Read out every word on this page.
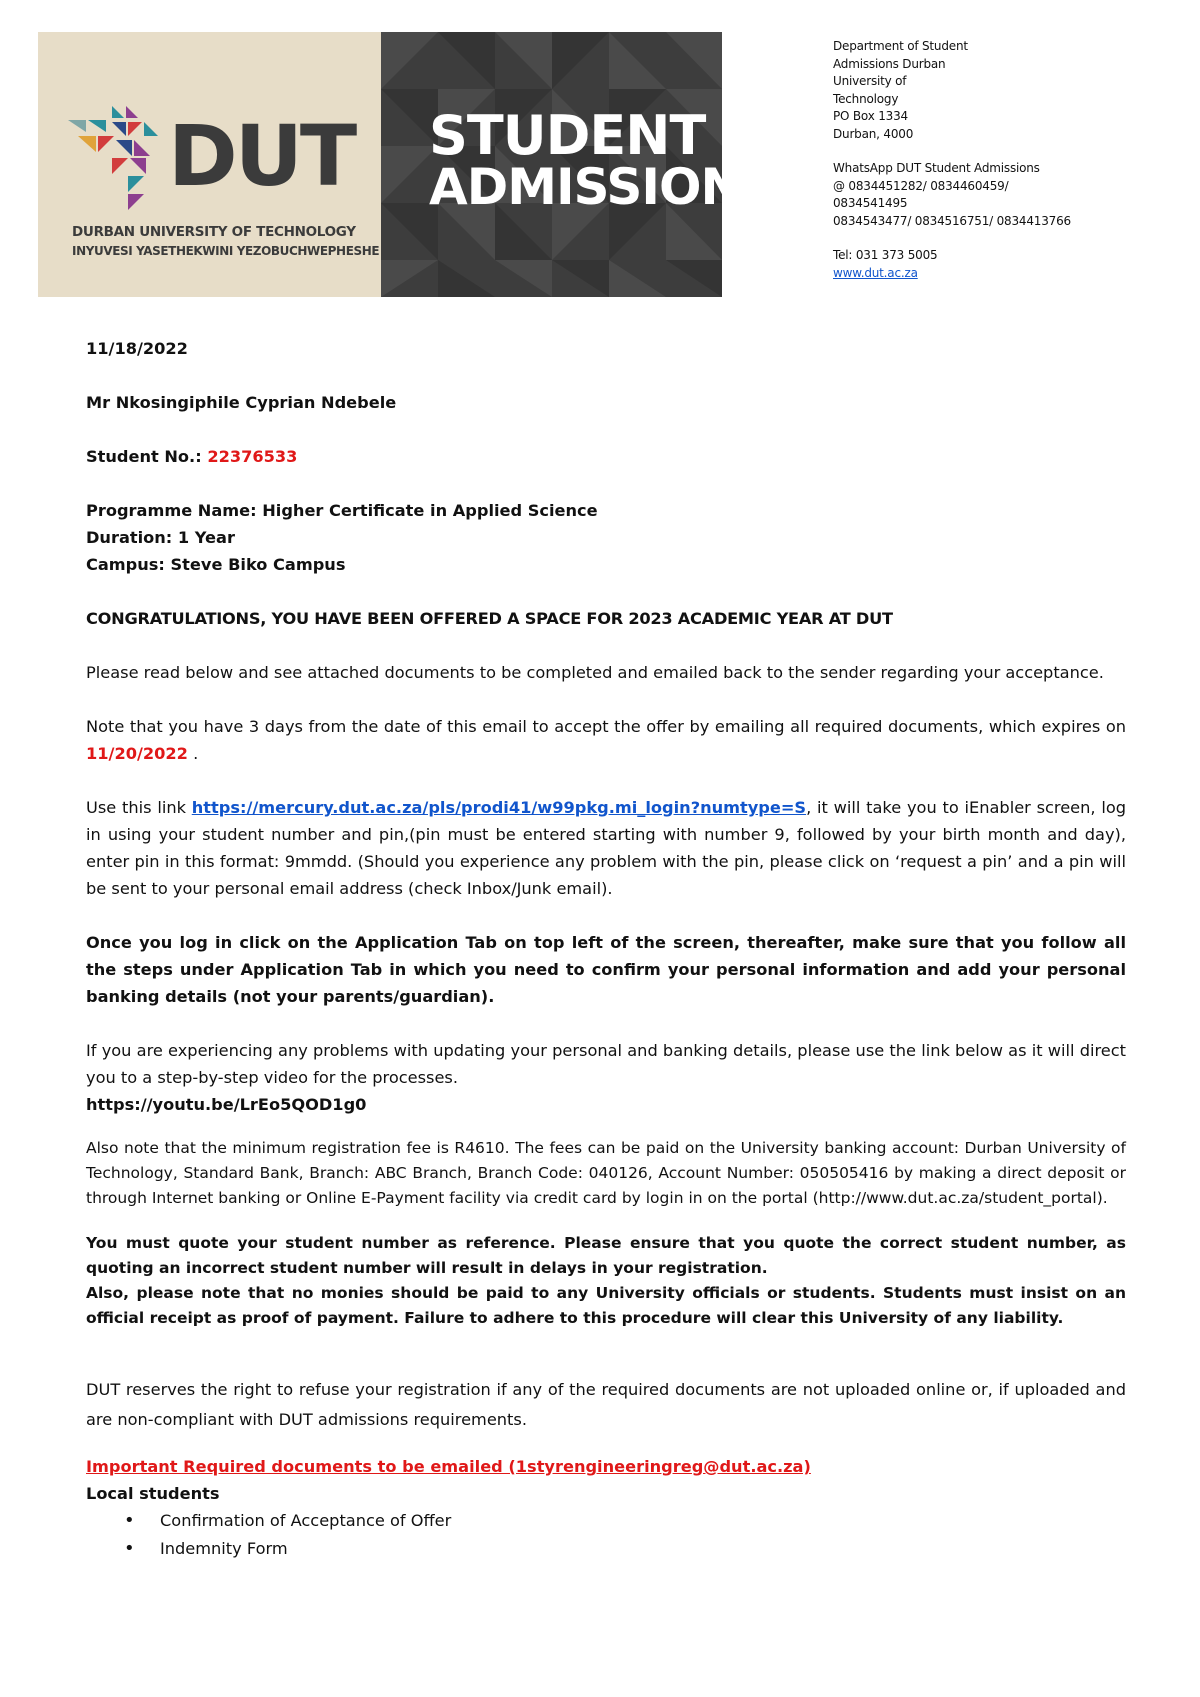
DUT
DURBAN UNIVERSITY OF TECHNOLOGY
INYUVESI YASETHEKWINI YEZOBUCHWEPHESHE
STUDENT
ADMISSIONS
Department of Student
Admissions Durban
University of
Technology
PO Box 1334
Durban, 4000
WhatsApp DUT Student Admissions
@ 0834451282/ 0834460459/
0834541495
0834543477/ 0834516751/ 0834413766
Tel: 031 373 5005
www.dut.ac.za

11/18/2022

Mr Nkosingiphile Cyprian Ndebele

Student No.: 22376533

Programme Name: Higher Certificate in Applied Science

Duration: 1 Year

Campus: Steve Biko Campus

CONGRATULATIONS, YOU HAVE BEEN OFFERED A SPACE FOR 2023 ACADEMIC YEAR AT DUT

Please read below and see attached documents to be completed and emailed back to the sender regarding your acceptance.

Note that you have 3 days from the date of this email to accept the offer by emailing all required documents, which expires on 11/20/2022 .

Use this link https://mercury.dut.ac.za/pls/prodi41/w99pkg.mi_login?numtype=S, it will take you to iEnabler screen, log in using your student number and pin,(pin must be entered starting with number 9, followed by your birth month and day), enter pin in this format: 9mmdd. (Should you experience any problem with the pin, please click on ‘request a pin’ and a pin will be sent to your personal email address (check Inbox/Junk email).

Once you log in click on the Application Tab on top left of the screen, thereafter, make sure that you follow all the steps under Application Tab in which you need to confirm your personal information and add your personal banking details (not your parents/guardian).

If you are experiencing any problems with updating your personal and banking details, please use the link below as it will direct you to a step-by-step video for the processes.

https://youtu.be/LrEo5QOD1g0

Also note that the minimum registration fee is R4610. The fees can be paid on the University banking account: Durban University of Technology, Standard Bank, Branch: ABC Branch, Branch Code: 040126, Account Number: 050505416 by making a direct deposit or through Internet banking or Online E-Payment facility via credit card by login in on the portal (http://www.dut.ac.za/student_portal).

You must quote your student number as reference. Please ensure that you quote the correct student number, as quoting an incorrect student number will result in delays in your registration.

Also, please note that no monies should be paid to any University officials or students. Students must insist on an official receipt as proof of payment. Failure to adhere to this procedure will clear this University of any liability.

DUT reserves the right to refuse your registration if any of the required documents are not uploaded online or, if uploaded and are non-compliant with DUT admissions requirements.

Important Required documents to be emailed (1styrengineeringreg@dut.ac.za)

Local students

• Confirmation of Acceptance of Offer
• Indemnity Form
